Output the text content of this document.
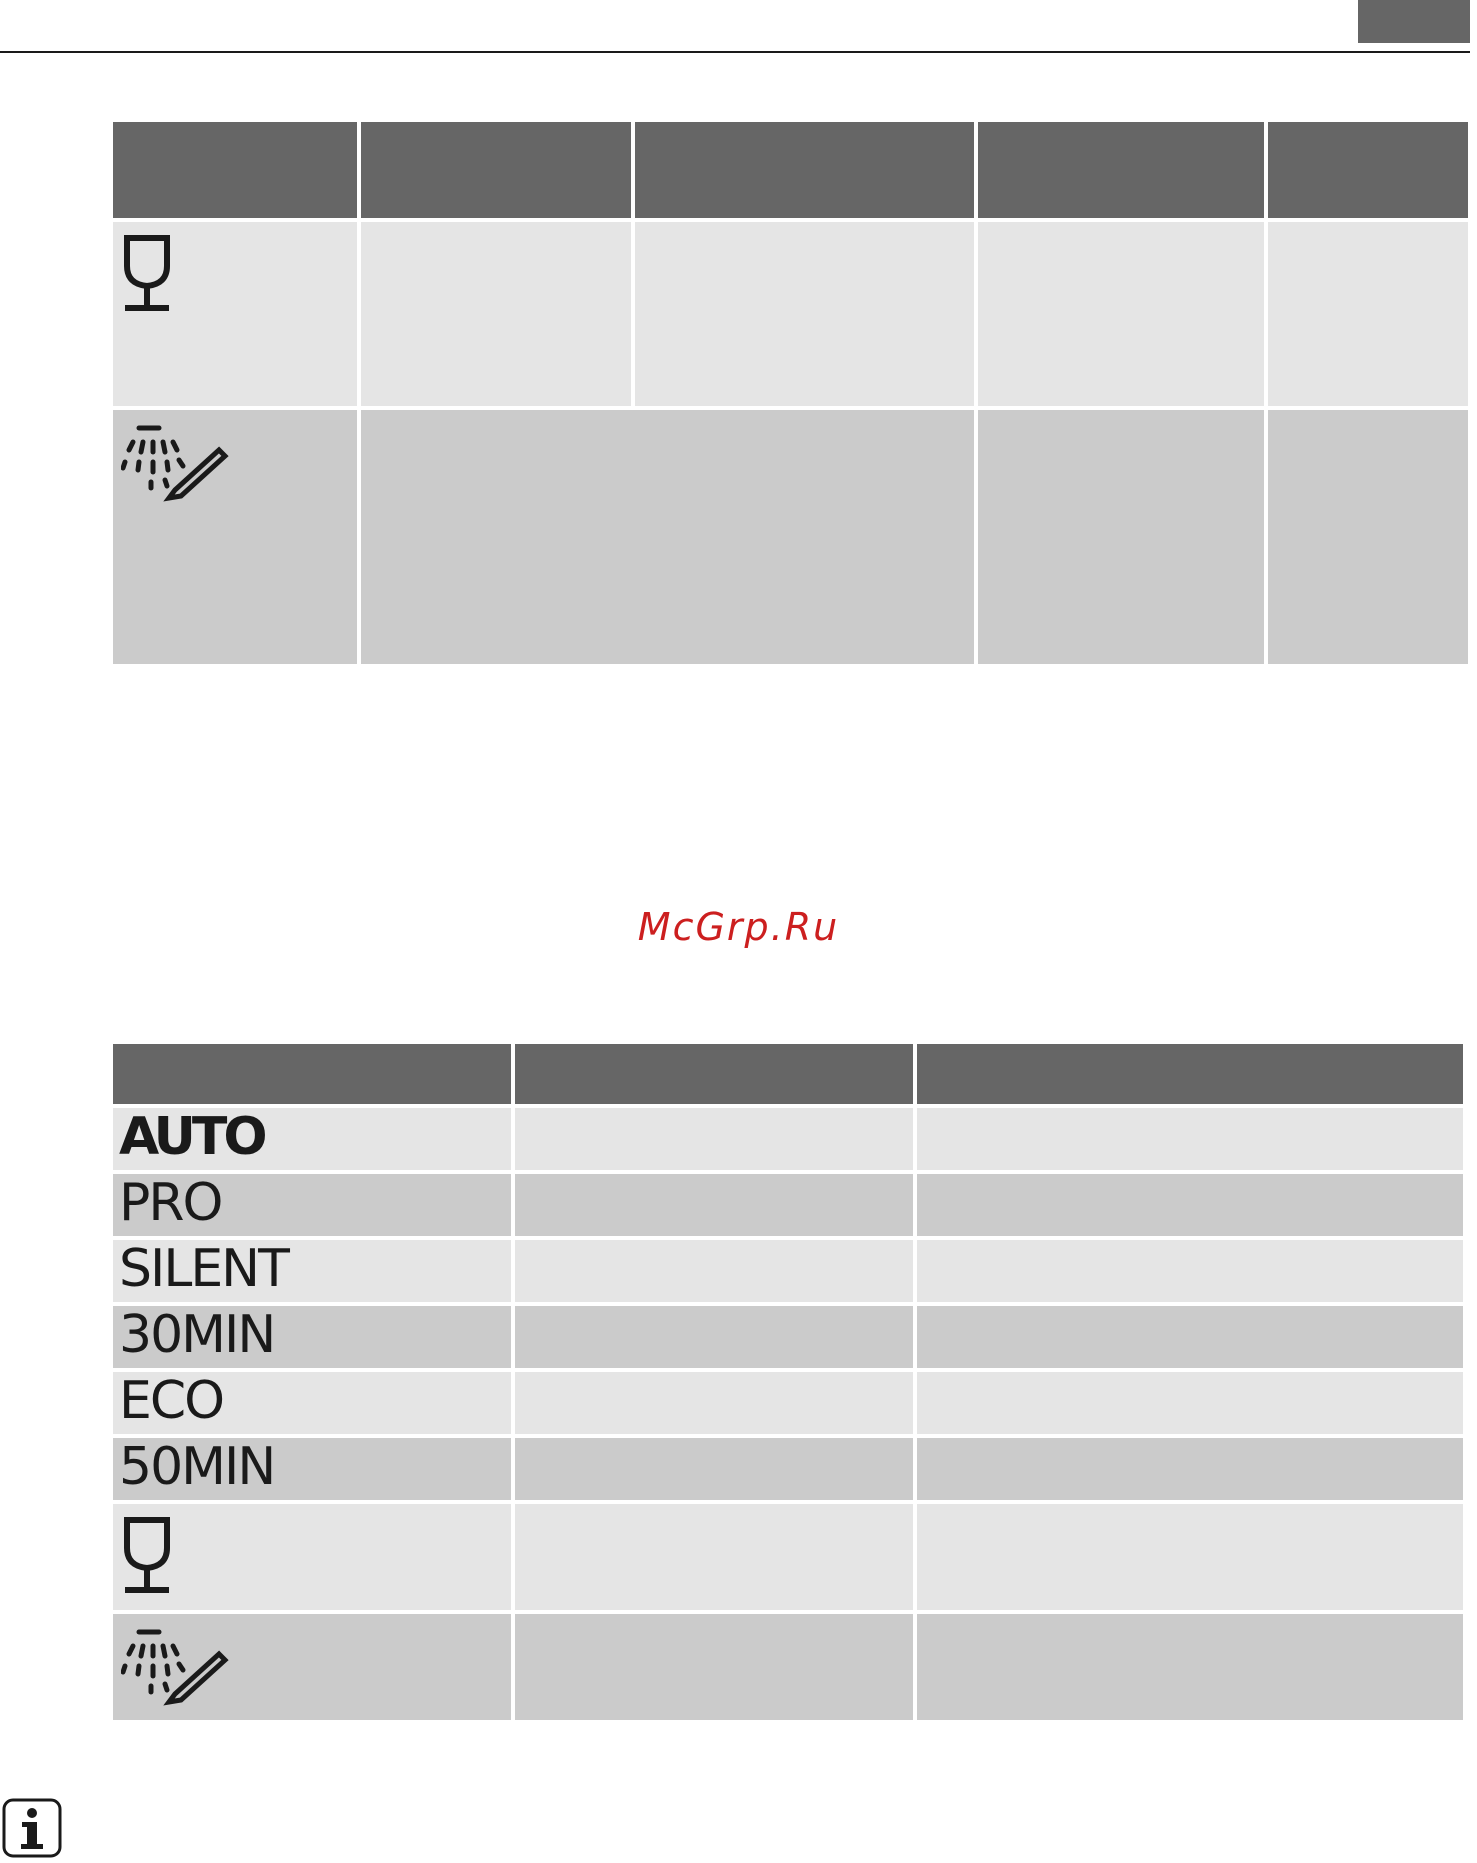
McGrp.Ru

AUTO		
PRO		
SILENT		
30MIN		
ECO		
50MIN		
